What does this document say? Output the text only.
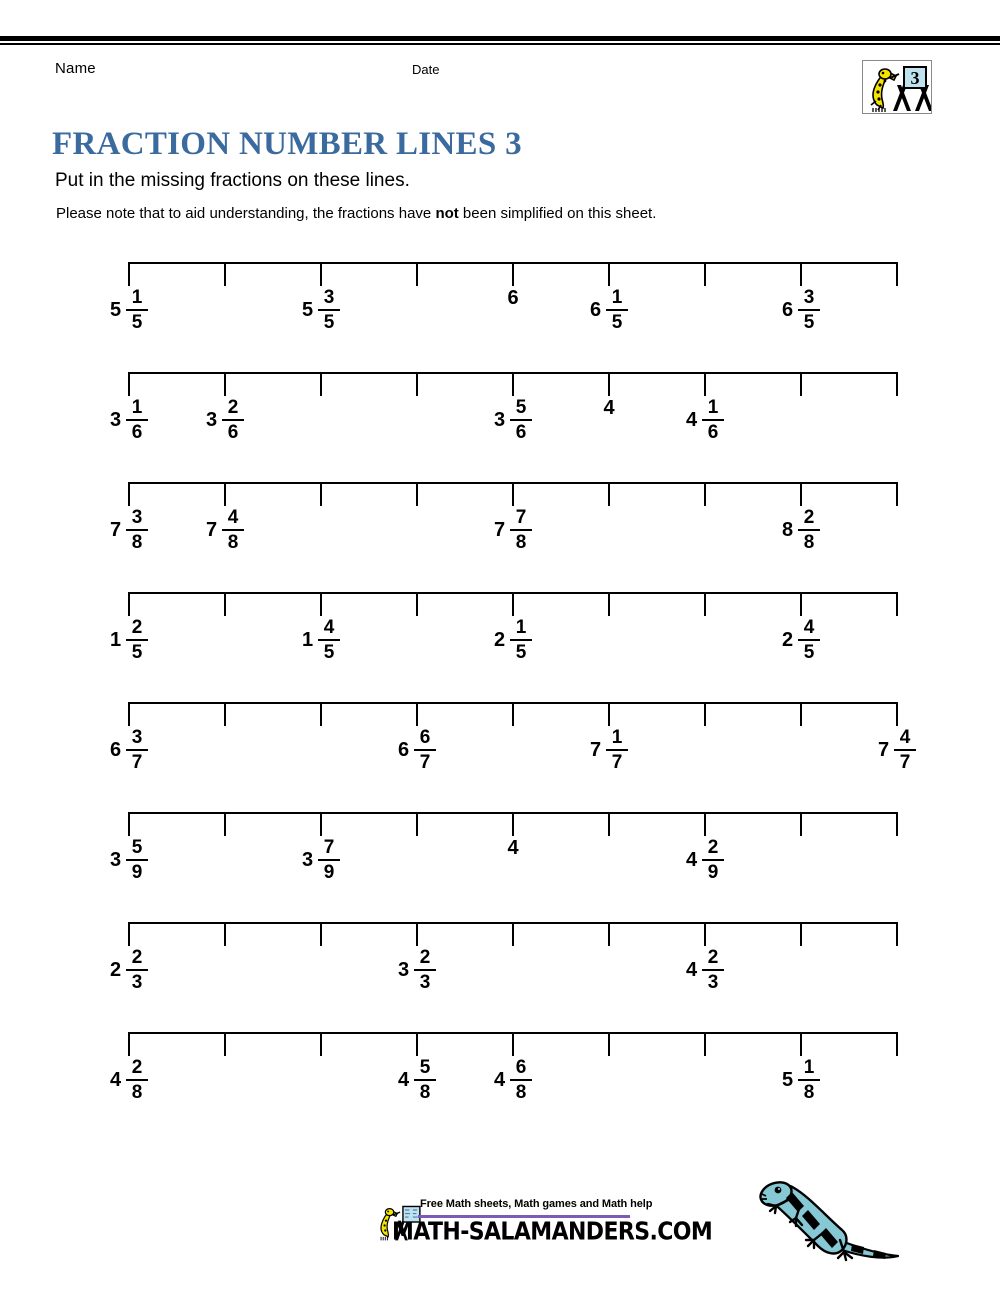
Name	Date	3
FRACTION NUMBER LINES 3
Put in the missing fractions on these lines.
Please note that to aid understanding, the fractions have not been simplified on this sheet.
$5 \frac{1}{5}$	$5 \frac{3}{5}$	6
$6 \frac{1}{5}$	$6 \frac{3}{5}$
$3 \frac{1}{6}$	$3 \frac{2}{6}$	$3 \frac{5}{6}$	4
$4 \frac{1}{6}$
$7 \frac{3}{8}$	$7 \frac{4}{8}$	$7 \frac{7}{8}$	$8 \frac{2}{8}$
$1 \frac{2}{5}$	$1 \frac{4}{5}$	$2 \frac{1}{5}$	$2 \frac{4}{5}$
$6 \frac{3}{7}$	$6 \frac{6}{7}$	$7 \frac{1}{7}$	$7 \frac{4}{7}$
$3 \frac{5}{9}$	$3 \frac{7}{9}$	4
$4 \frac{2}{9}$
$2 \frac{2}{3}$	$3 \frac{2}{3}$	$4 \frac{2}{3}$
$4 \frac{2}{8}$	$4 \frac{5}{8}$	$4 \frac{6}{8}$	$5 \frac{1}{8}$
Free Math sheets, Math games and Math help
MATH-SALAMANDERS.COM
